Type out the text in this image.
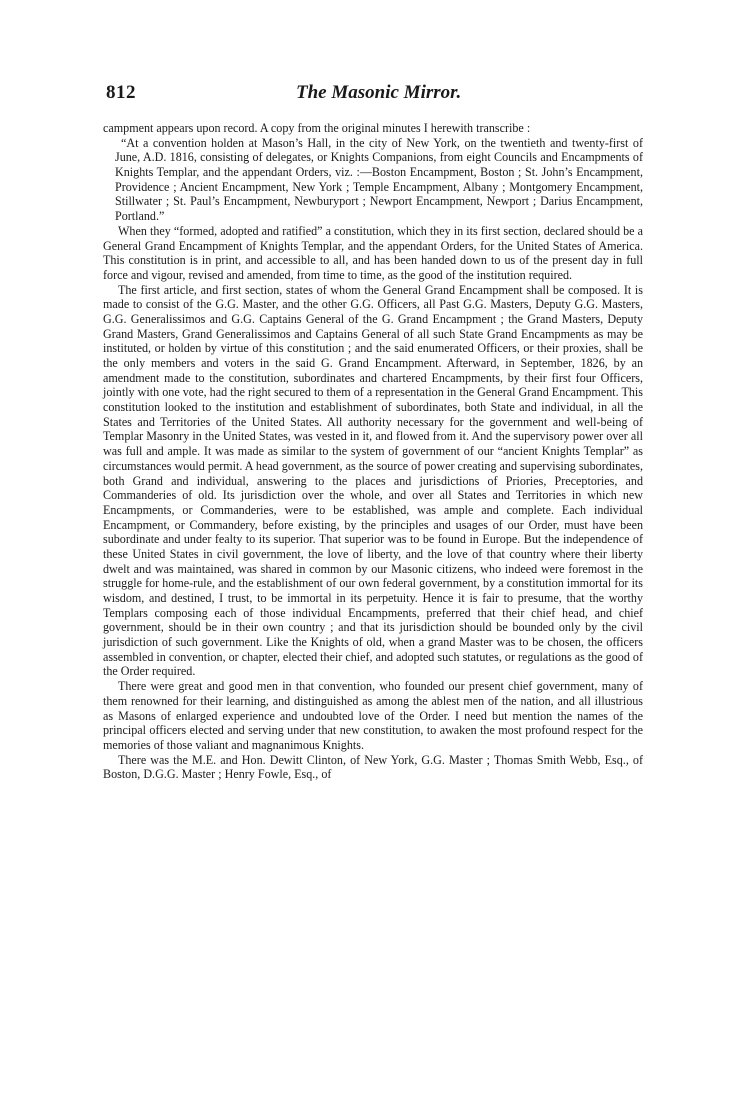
812	The Masonic Mirror.

campment appears upon record. A copy from the original minutes I herewith transcribe :

“At a convention holden at Mason’s Hall, in the city of New York, on the twentieth and twenty-first of June, A.D. 1816, consisting of delegates, or Knights Companions, from eight Councils and Encampments of Knights Templar, and the appendant Orders, viz. :—Boston Encampment, Boston ; St. John’s Encampment, Providence ; Ancient Encampment, New York ; Temple Encampment, Albany ; Montgomery Encampment, Stillwater ; St. Paul’s Encampment, Newburyport ; Newport Encampment, Newport ; Darius Encampment, Portland.”

When they “formed, adopted and ratified” a constitution, which they in its first section, declared should be a General Grand Encampment of Knights Templar, and the appendant Orders, for the United States of America. This constitution is in print, and accessible to all, and has been handed down to us of the present day in full force and vigour, revised and amended, from time to time, as the good of the institution required.

The first article, and first section, states of whom the General Grand Encampment shall be composed. It is made to consist of the G.G. Master, and the other G.G. Officers, all Past G.G. Masters, Deputy G.G. Masters, G.G. Generalissimos and G.G. Captains General of the G. Grand Encampment ; the Grand Masters, Deputy Grand Masters, Grand Generalissimos and Captains General of all such State Grand Encampments as may be instituted, or holden by virtue of this constitution ; and the said enumerated Officers, or their proxies, shall be the only members and voters in the said G. Grand Encampment. Afterward, in September, 1826, by an amendment made to the constitution, subordinates and chartered Encampments, by their first four Officers, jointly with one vote, had the right secured to them of a representation in the General Grand Encampment. This constitution looked to the institution and establishment of subordinates, both State and individual, in all the States and Territories of the United States. All authority necessary for the government and well-being of Templar Masonry in the United States, was vested in it, and flowed from it. And the supervisory power over all was full and ample. It was made as similar to the system of government of our “ancient Knights Templar” as circumstances would permit. A head government, as the source of power creating and supervising subordinates, both Grand and individual, answering to the places and jurisdictions of Priories, Preceptories, and Commanderies of old. Its jurisdiction over the whole, and over all States and Territories in which new Encampments, or Commanderies, were to be established, was ample and complete. Each individual Encampment, or Commandery, before existing, by the principles and usages of our Order, must have been subordinate and under fealty to its superior. That superior was to be found in Europe. But the independence of these United States in civil government, the love of liberty, and the love of that country where their liberty dwelt and was maintained, was shared in common by our Masonic citizens, who indeed were foremost in the struggle for home-rule, and the establishment of our own federal government, by a constitution immortal for its wisdom, and destined, I trust, to be immortal in its perpetuity. Hence it is fair to presume, that the worthy Templars composing each of those individual Encampments, preferred that their chief head, and chief government, should be in their own country ; and that its jurisdiction should be bounded only by the civil jurisdiction of such government. Like the Knights of old, when a grand Master was to be chosen, the officers assembled in convention, or chapter, elected their chief, and adopted such statutes, or regulations as the good of the Order required.

There were great and good men in that convention, who founded our present chief government, many of them renowned for their learning, and distinguished as among the ablest men of the nation, and all illustrious as Masons of enlarged experience and undoubted love of the Order. I need but mention the names of the principal officers elected and serving under that new constitution, to awaken the most profound respect for the memories of those valiant and magnanimous Knights.

There was the M.E. and Hon. Dewitt Clinton, of New York, G.G. Master ; Thomas Smith Webb, Esq., of Boston, D.G.G. Master ; Henry Fowle, Esq., of
